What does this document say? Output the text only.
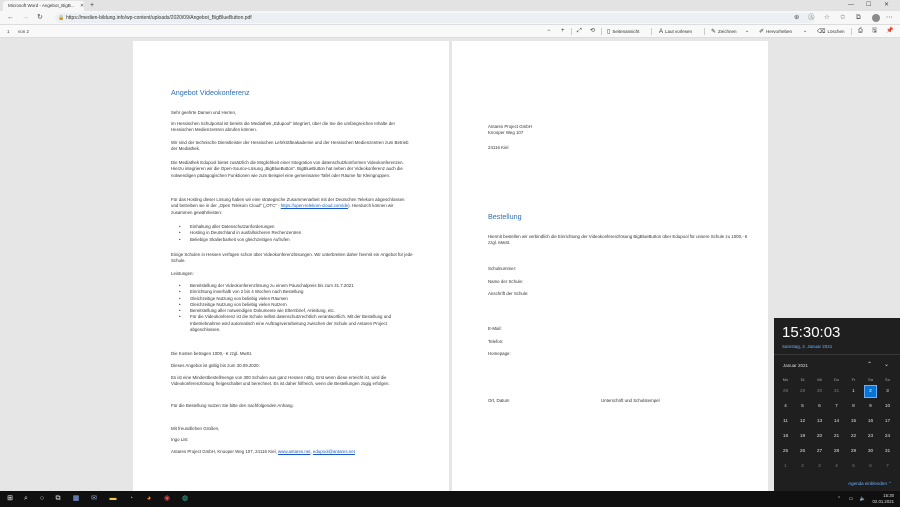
Microsoft Word - Angebot_BigB... ✕ +	— ☐ ✕
← → ↻	🔒 https://medien-bildung.info/wp-content/uploads/2020/09/Angebot_BigBlueButton.pdf	⊕ Ⓐ ☆ ✩ ⧉	⋯
1 von 2	− + ⤢ ⟲ ▯ Seitenansicht	A Laut vorlesen	✎ Zeichnen ⌄ ✐ Hervorheben ⌄ ⌫ Löschen ⎙ 🖫 📌
Angebot Videokonferenz
Sehr geehrte Damen und Herren,
im Hessischen Schulportal ist bereits die Mediathek „Edupool“ integriert, über die Sie die umfangreichen Inhalte der Hessischen Medienzentren abrufen können.
Wir sind der technische Dienstleister der Hessischen Lehrkräfteakademie und der Hessischen Medienzentren zum Betrieb der Mediathek.
Die Mediathek Edupool bietet zusätzlich die Möglichkeit einer Integration von datenschutzkonformen Videokonferenzen. Hierzu integrieren wir die Open-Source-Lösung „BigBlueButton“. BigBlueButton hat neben der Videokonferenz auch die notwendigen pädagogischen Funktionen wie zum Beispiel eine gemeinsame Tafel oder Räume für Kleingruppen.
Für das Hosting dieser Lösung haben wir eine strategische Zusammenarbeit mit der Deutschen Telekom abgeschlossen und betreiben sie in der „Open Telekom Cloud“ („OTC“ - https://open-telekom-cloud.com/de). Hierdurch können wir zusammen gewährleisten:
• Einhaltung aller Datenschutzanforderungen
• Hosting in Deutschland in ausfallsicheren Rechenzentren
• Beliebige Skalierbarkeit von gleichzeitigen Aufrufen
Einige Schulen in Hessen verfügen schon über Videokonferenzlösungen. Wir unterbreiten daher hiermit ein Angebot für jede Schule.
Leistungen:
• Bereitstellung der Videokonferenzlösung zu einem Pauschalpreis bis zum 31.7.2021
• Einrichtung innerhalb von 2 bis 4 Wochen nach Bestellung
• Gleichzeitige Nutzung von beliebig vielen Räumen
• Gleichzeitige Nutzung von beliebig vielen Nutzern
• Bereitstellung aller notwendigen Dokumente wie Elternbrief, Anleitung, etc.
• Für die Videokonferenz ist die Schule selbst datenschutzrechtlich verantwortlich. Mit der Bestellung und Inbetriebnahme wird automatisch eine Auftragsverarbeitung zwischen der Schule und Antares Project abgeschlossen.
Die Kosten betragen 1000,- € zzgl. MwSt.
Dieses Angebot ist gültig bis zum 30.09.2020.
Es ist eine Mindestbestellmenge von 300 Schulen aus ganz Hessen nötig. Erst wenn diese erreicht ist, wird die Videokonferenzlösung freigeschaltet und berechnet. Es ist daher hilfreich, wenn die Bestellungen zügig erfolgen.
Für die Bestellung nutzen Sie bitte den nachfolgenden Anhang.
Mit freundlichen Grüßen,
Ingo List
Antares Project GmbH, Knooper Weg 107, 24116 Kiel, www.antares.net, edupool@antares.net
Antares Project GmbH
Knooper Weg 107
24116 Kiel
Bestellung
Hiermit bestellen wir verbindlich die Einrichtung der Videokonferenzlösung BigBlueButton über Edupool für unsere Schule zu 1000,- € zzgl. MwSt.
Schulnummer:
Name der Schule:
Anschrift der Schule:
E-Mail:
Telefon:
Homepage:
Ort, Datum	Unterschrift und Schulstempel
15:30:03
Samstag, 2. Januar 2021
Januar 2021	⌃ ⌄
Mo	Di	Mi	Do	Fr	Sa	So
28	29	30	31	1	2	3
4	5	6	7	8	9	10
11	12	13	14	15	16	17
18	19	20	21	22	23	24
25	26	27	28	29	30	31
1	2	3	4	5	6	7
Agenda einblenden ⌃
⊞	⌕	○	⧉	▦ ✉ ▬	◔	◕	◉ ◍	⌃	▭	🔈
15:30
02.01.2021
